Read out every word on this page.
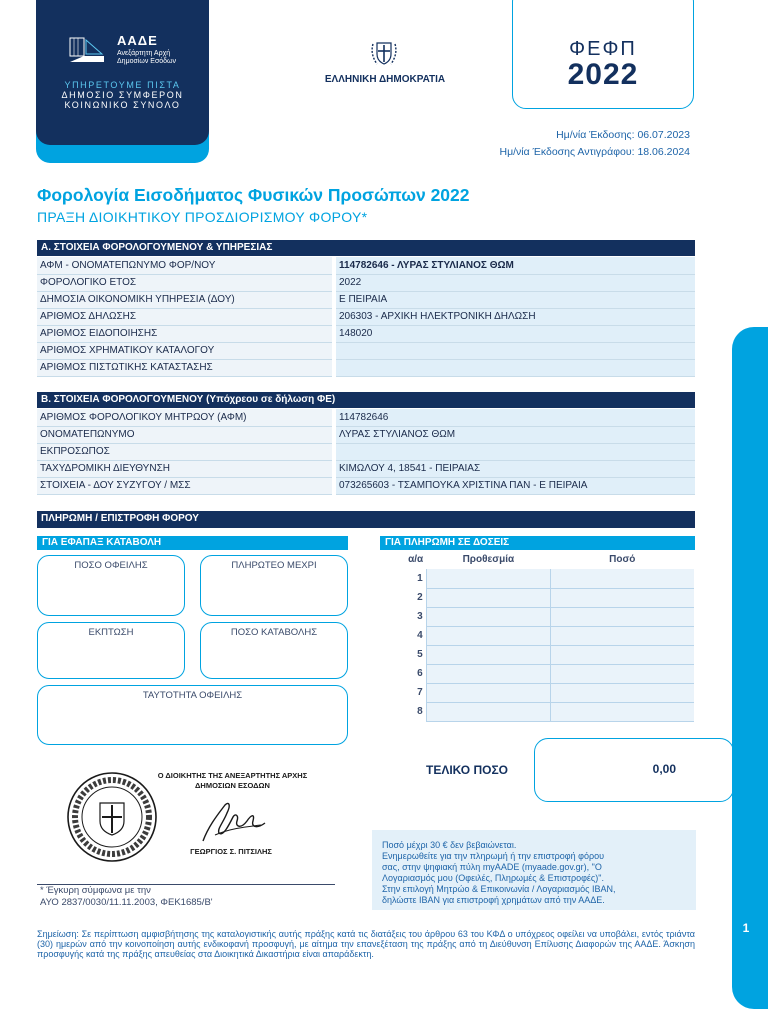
ΑΑΔΕ
Ανεξάρτητη Αρχή
Δημοσίων Εσόδων
ΥΠΗΡΕΤΟΥΜΕ ΠΙΣΤΑ
ΔΗΜΟΣΙΟ ΣΥΜΦΕΡΟΝ
ΚΟΙΝΩΝΙΚΟ ΣΥΝΟΛΟ
ΕΛΛΗΝΙΚΗ ΔΗΜΟΚΡΑΤΙΑ
ΦΕΦΠ
2022
Ημ/νία Έκδοσης: 06.07.2023
Ημ/νία Έκδοσης Αντιγράφου: 18.06.2024
Φορολογία Εισοδήματος Φυσικών Προσώπων 2022
ΠΡΑΞΗ ΔΙΟΙΚΗΤΙΚΟΥ ΠΡΟΣΔΙΟΡΙΣΜΟΥ ΦΟΡΟΥ*
Α. ΣΤΟΙΧΕΙΑ ΦΟΡΟΛΟΓΟΥΜΕΝΟΥ & ΥΠΗΡΕΣΙΑΣ
ΑΦΜ - ΟΝΟΜΑΤΕΠΩΝΥΜΟ ΦΟΡ/ΝΟΥ		114782646 - ΛΥΡΑΣ ΣΤΥΛΙΑΝΟΣ ΘΩΜ
ΦΟΡΟΛΟΓΙΚΟ ΕΤΟΣ		2022
ΔΗΜΟΣΙΑ ΟΙΚΟΝΟΜΙΚΗ ΥΠΗΡΕΣΙΑ (ΔΟΥ)		Ε ΠΕΙΡΑΙΑ
ΑΡΙΘΜΟΣ ΔΗΛΩΣΗΣ		206303 - ΑΡΧΙΚΗ ΗΛΕΚΤΡΟΝΙΚΗ ΔΗΛΩΣΗ
ΑΡΙΘΜΟΣ ΕΙΔΟΠΟΙΗΣΗΣ		148020
ΑΡΙΘΜΟΣ ΧΡΗΜΑΤΙΚΟΥ ΚΑΤΑΛΟΓΟΥ		
ΑΡΙΘΜΟΣ ΠΙΣΤΩΤΙΚΗΣ ΚΑΤΑΣΤΑΣΗΣ		
Β. ΣΤΟΙΧΕΙΑ ΦΟΡΟΛΟΓΟΥΜΕΝΟΥ (Υπόχρεου σε δήλωση ΦΕ)
ΑΡΙΘΜΟΣ ΦΟΡΟΛΟΓΙΚΟΥ ΜΗΤΡΩΟΥ (ΑΦΜ)		114782646
ΟΝΟΜΑΤΕΠΩΝΥΜΟ		ΛΥΡΑΣ ΣΤΥΛΙΑΝΟΣ ΘΩΜ
ΕΚΠΡΟΣΩΠΟΣ		
ΤΑΧΥΔΡΟΜΙΚΗ ΔΙΕΥΘΥΝΣΗ		ΚΙΜΩΛΟΥ 4, 18541 - ΠΕΙΡΑΙΑΣ
ΣΤΟΙΧΕΙΑ - ΔΟΥ ΣΥΖΥΓΟΥ / ΜΣΣ		073265603 - ΤΣΑΜΠΟΥΚΑ ΧΡΙΣΤΙΝΑ ΠΑΝ - Ε ΠΕΙΡΑΙΑ
ΠΛΗΡΩΜΗ / ΕΠΙΣΤΡΟΦΗ ΦΟΡΟΥ
ΓΙΑ ΕΦΑΠΑΞ ΚΑΤΑΒΟΛΗ	ΓΙΑ ΠΛΗΡΩΜΗ ΣΕ ΔΟΣΕΙΣ
ΠΟΣΟ ΟΦΕΙΛΗΣ	ΠΛΗΡΩΤΕΟ ΜΕΧΡΙ
ΕΚΠΤΩΣΗ	ΠΟΣΟ ΚΑΤΑΒΟΛΗΣ
ΤΑΥΤΟΤΗΤΑ ΟΦΕΙΛΗΣ
α/α	Προθεσμία	Ποσό
1		
2		
3		
4		
5		
6		
7		
8		
ΤΕΛΙΚΟ ΠΟΣΟ	0,00
Ο ΔΙΟΙΚΗΤΗΣ ΤΗΣ ΑΝΕΞΑΡΤΗΤΗΣ ΑΡΧΗΣ
ΔΗΜΟΣΙΩΝ ΕΣΟΔΩΝ
ΓΕΩΡΓΙΟΣ Σ. ΠΙΤΣΙΛΗΣ
* Έγκυρη σύμφωνα με την
ΑΥΟ 2837/0030/11.11.2003, ΦΕΚ1685/Β'
Ποσό μέχρι 30 € δεν βεβαιώνεται.
Ενημερωθείτε για την πληρωμή ή την επιστροφή φόρου
σας, στην ψηφιακή πύλη myAADE (myaade.gov.gr), "Ο
Λογαριασμός μου (Οφειλές, Πληρωμές & Επιστροφές)".
Στην επιλογή Μητρώο & Επικοινωνία / Λογαριασμός IBAN,
δηλώστε IBAN για επιστροφή χρημάτων από την ΑΑΔΕ.
Σημείωση: Σε περίπτωση αμφισβήτησης της καταλογιστικής αυτής πράξης κατά τις διατάξεις του άρθρου 63 του ΚΦΔ ο υπόχρεος οφείλει να υποβάλει, εντός τριάντα (30) ημερών από την κοινοποίηση αυτής ενδικοφανή προσφυγή, με αίτημα την επανεξέταση της πράξης από τη Διεύθυνση Επίλυσης Διαφορών της ΑΑΔΕ. Άσκηση προσφυγής κατά της πράξης απευθείας στα Διοικητικά Δικαστήρια είναι απαράδεκτη.
1
